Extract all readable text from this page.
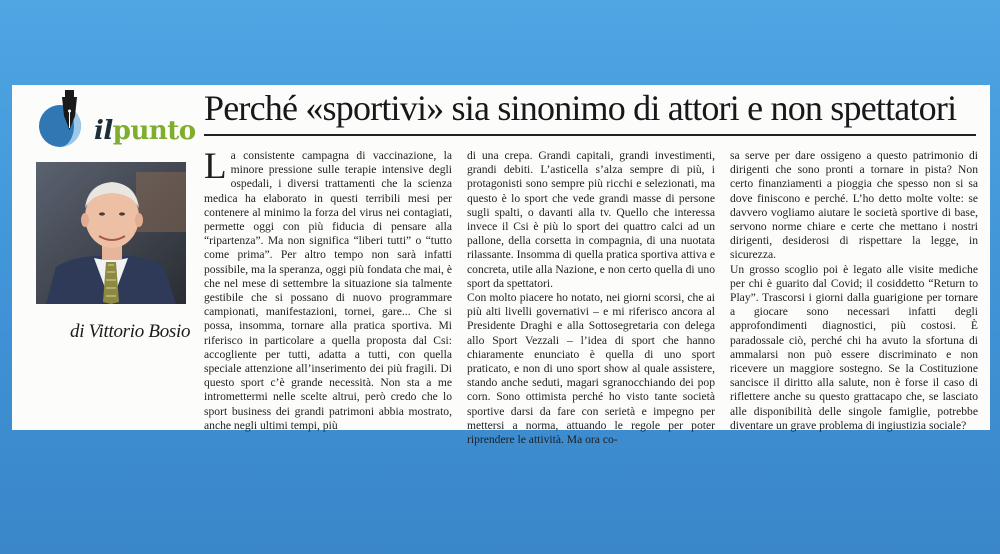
ilpunto
Perché «sportivi» sia sinonimo di attori e non spettatori
di Vittorio Bosio

La consistente campagna di vaccinazione, la minore pressione sulle terapie intensive degli ospedali, i diversi trattamenti che la scienza medica ha elaborato in questi terribili mesi per contenere al minimo la forza del virus nei contagiati, permette oggi con più fiducia di pensare alla “ripartenza”. Ma non significa “liberi tutti” o “tutto come prima”. Per altro tempo non sarà infatti possibile, ma la speranza, oggi più fondata che mai, è che nel mese di settembre la situazione sia talmente gestibile che si possano di nuovo programmare campionati, manifestazioni, tornei, gare... Che si possa, insomma, tornare alla pratica sportiva. Mi riferisco in particolare a quella proposta dal Csi: accogliente per tutti, adatta a tutti, con quella speciale attenzione all’inserimento dei più fragili. Di questo sport c’è grande necessità. Non sta a me intromettermi nelle scelte altrui, però credo che lo sport business dei grandi patrimoni abbia mostrato, anche negli ultimi tempi, più

di una crepa. Grandi capitali, grandi investimenti, grandi debiti. L’asticella s’alza sempre di più, i protagonisti sono sempre più ricchi e selezionati, ma questo è lo sport che vede grandi masse di persone sugli spalti, o davanti alla tv. Quello che interessa invece il Csi è più lo sport dei quattro calci ad un pallone, della corsetta in compagnia, di una nuotata rilassante. Insomma di quella pratica sportiva attiva e concreta, utile alla Nazione, e non certo quella di uno sport da spettatori.

Con molto piacere ho notato, nei giorni scorsi, che ai più alti livelli governativi – e mi riferisco ancora al Presidente Draghi e alla Sottosegretaria con delega allo Sport Vezzali – l’idea di sport che hanno chiaramente enunciato è quella di uno sport praticato, e non di uno sport show al quale assistere, stando anche seduti, magari sgranocchiando dei pop corn. Sono ottimista perché ho visto tante società sportive darsi da fare con serietà e impegno per mettersi a norma, attuando le regole per poter riprendere le attività. Ma ora co-

sa serve per dare ossigeno a questo patrimonio di dirigenti che sono pronti a tornare in pista? Non certo finanziamenti a pioggia che spesso non si sa dove finiscono e perché. L’ho detto molte volte: se davvero vogliamo aiutare le società sportive di base, servono norme chiare e certe che mettano i nostri dirigenti, desiderosi di rispettare la legge, in sicurezza.

Un grosso scoglio poi è legato alle visite mediche per chi è guarito dal Covid; il cosiddetto “Return to Play”. Trascorsi i giorni dalla guarigione per tornare a giocare sono necessari infatti degli approfondimenti diagnostici, più costosi. È paradossale ciò, perché chi ha avuto la sfortuna di ammalarsi non può essere discriminato e non ricevere un maggiore sostegno. Se la Costituzione sancisce il diritto alla salute, non è forse il caso di riflettere anche su questo grattacapo che, se lasciato alle disponibilità delle singole famiglie, potrebbe diventare un grave problema di ingiustizia sociale?
